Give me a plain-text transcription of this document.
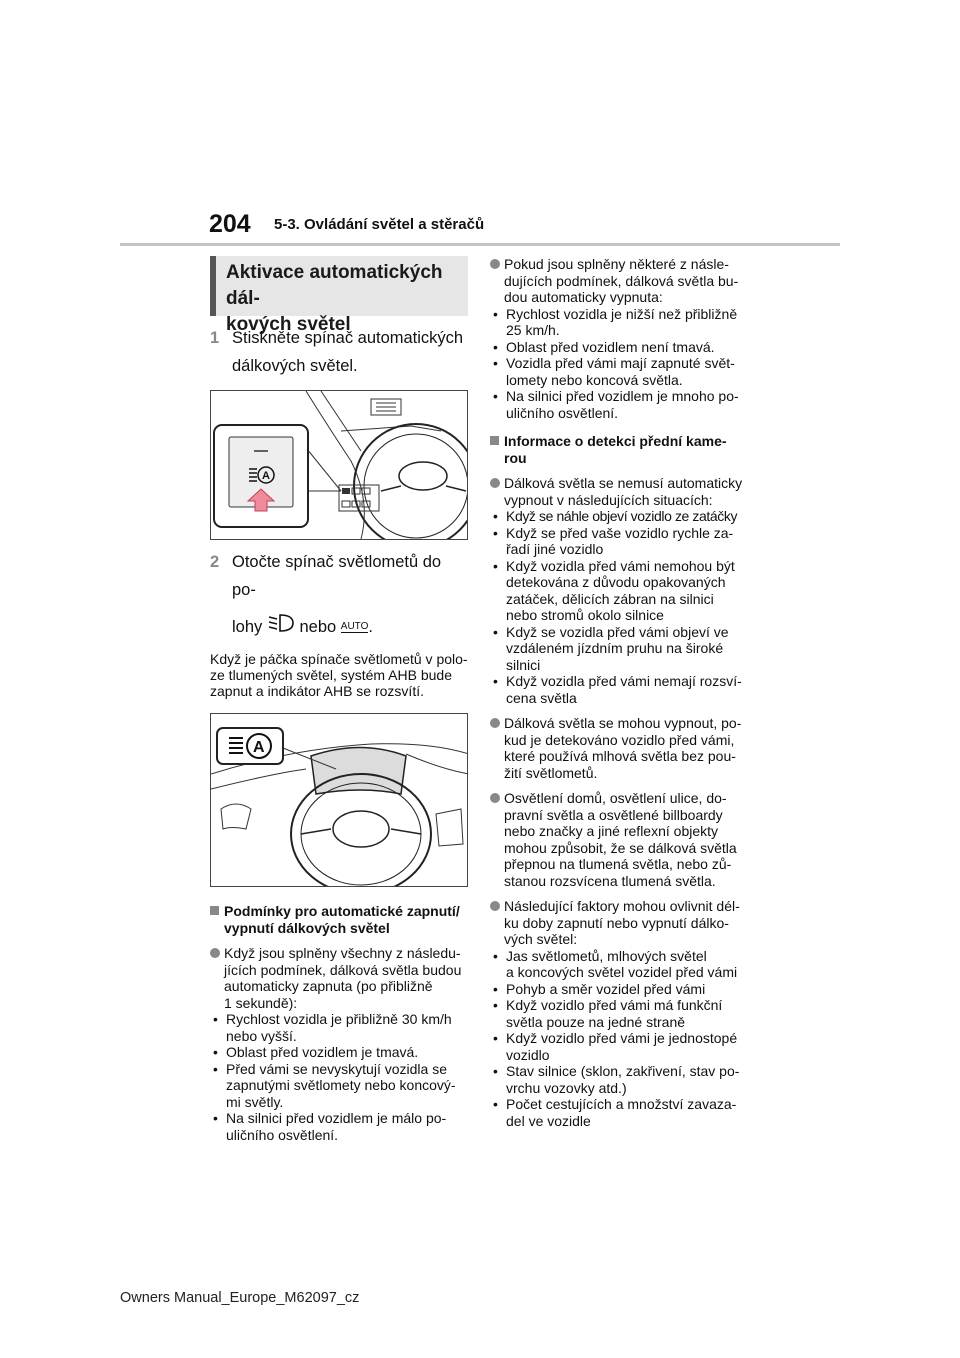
204 5-3. Ovládání světel a stěračů
Aktivace automatických dál-
kových světel
1 Stiskněte spínač automatických
dálkových světel.
A
2 Otočte spínač světlometů do po-
lohy nebo AUTO.
Když je páčka spínače světlometů v polo-
ze tlumených světel, systém AHB bude
zapnut a indikátor AHB se rozsvítí.
A
Podmínky pro automatické zapnutí/
vypnutí dálkových světel
Když jsou splněny všechny z následu-
jících podmínek, dálková světla budou
automaticky zapnuta (po přibližně
1 sekundě):
• Rychlost vozidla je přibližně 30 km/h
nebo vyšší.
• Oblast před vozidlem je tmavá.
• Před vámi se nevyskytují vozidla se
zapnutými světlomety nebo koncový-
mi světly.
• Na silnici před vozidlem je málo po-
uličního osvětlení.
Pokud jsou splněny některé z násle-
dujících podmínek, dálková světla bu-
dou automaticky vypnuta:
• Rychlost vozidla je nižší než přibližně
25 km/h.
• Oblast před vozidlem není tmavá.
• Vozidla před vámi mají zapnuté svět-
lomety nebo koncová světla.
• Na silnici před vozidlem je mnoho po-
uličního osvětlení.
Informace o detekci přední kame-
rou
Dálková světla se nemusí automaticky
vypnout v následujících situacích:
• Když se náhle objeví vozidlo ze zatáčky
• Když se před vaše vozidlo rychle za-
řadí jiné vozidlo
• Když vozidla před vámi nemohou být
detekována z důvodu opakovaných
zatáček, dělicích zábran na silnici
nebo stromů okolo silnice
• Když se vozidla před vámi objeví ve
vzdáleném jízdním pruhu na široké
silnici
• Když vozidla před vámi nemají rozsví-
cena světla
Dálková světla se mohou vypnout, po-
kud je detekováno vozidlo před vámi,
které používá mlhová světla bez pou-
žití světlometů.
Osvětlení domů, osvětlení ulice, do-
pravní světla a osvětlené billboardy
nebo značky a jiné reflexní objekty
mohou způsobit, že se dálková světla
přepnou na tlumená světla, nebo zů-
stanou rozsvícena tlumená světla.
Následující faktory mohou ovlivnit dél-
ku doby zapnutí nebo vypnutí dálko-
vých světel:
• Jas světlometů, mlhových světel
a koncových světel vozidel před vámi
• Pohyb a směr vozidel před vámi
• Když vozidlo před vámi má funkční
světla pouze na jedné straně
• Když vozidlo před vámi je jednostopé
vozidlo
• Stav silnice (sklon, zakřivení, stav po-
vrchu vozovky atd.)
• Počet cestujících a množství zavaza-
del ve vozidle
Owners Manual_Europe_M62097_cz
